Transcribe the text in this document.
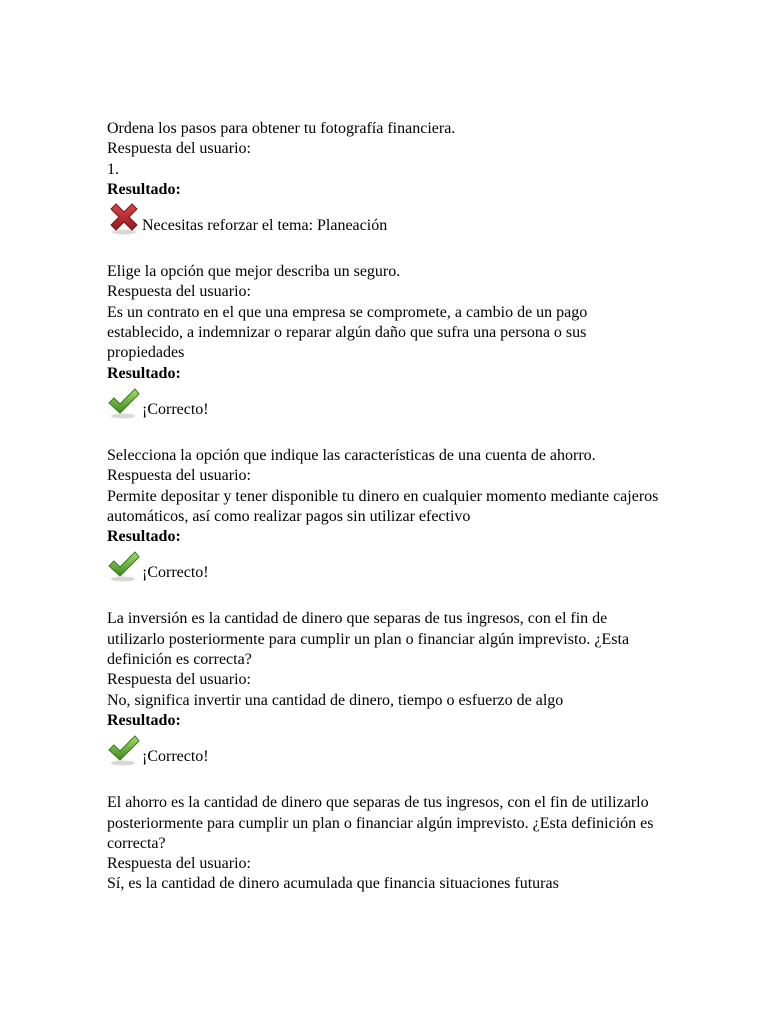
Ordena los pasos para obtener tu fotografía financiera.

Respuesta del usuario:

1.

Resultado:

Necesitas reforzar el tema: Planeación

Elige la opción que mejor describa un seguro.

Respuesta del usuario:

Es un contrato en el que una empresa se compromete, a cambio de un pago establecido, a indemnizar o reparar algún daño que sufra una persona o sus propiedades

Resultado:

¡Correcto!

Selecciona la opción que indique las características de una cuenta de ahorro.

Respuesta del usuario:

Permite depositar y tener disponible tu dinero en cualquier momento mediante cajeros automáticos, así como realizar pagos sin utilizar efectivo

Resultado:

¡Correcto!

La inversión es la cantidad de dinero que separas de tus ingresos, con el fin de utilizarlo posteriormente para cumplir un plan o financiar algún imprevisto. ¿Esta definición es correcta?

Respuesta del usuario:

No, significa invertir una cantidad de dinero, tiempo o esfuerzo de algo

Resultado:

¡Correcto!

El ahorro es la cantidad de dinero que separas de tus ingresos, con el fin de utilizarlo posteriormente para cumplir un plan o financiar algún imprevisto. ¿Esta definición es correcta?

Respuesta del usuario:

Sí, es la cantidad de dinero acumulada que financia situaciones futuras
